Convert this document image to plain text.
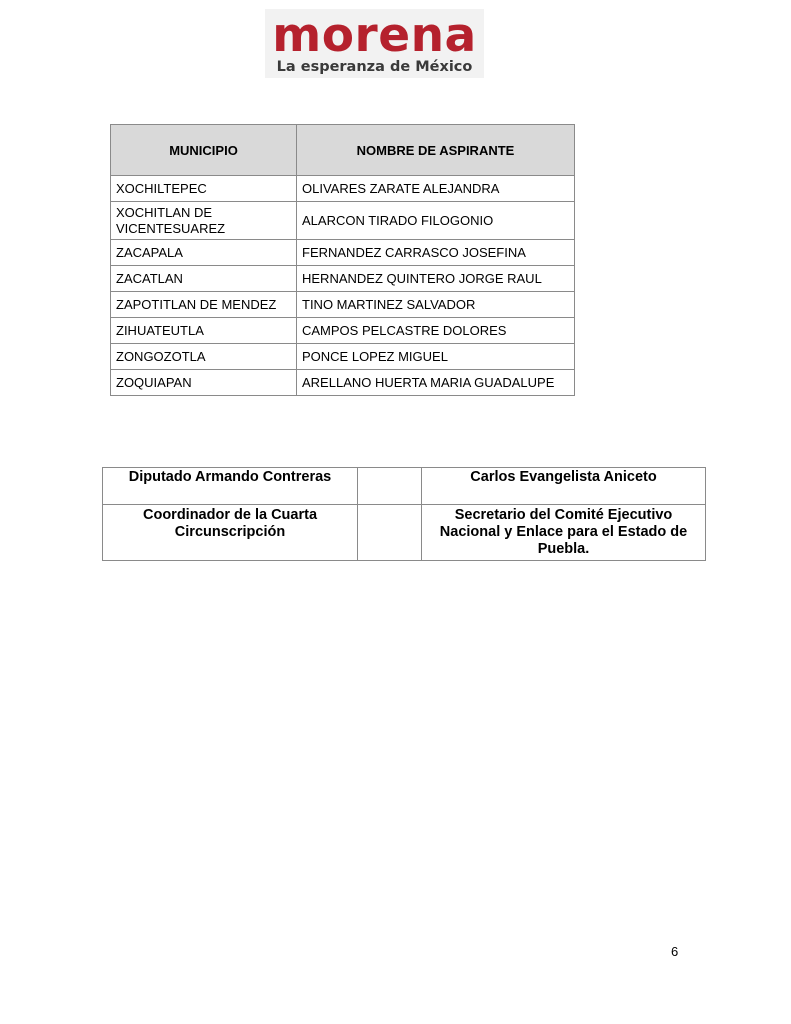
morena
La esperanza de México
MUNICIPIO	NOMBRE DE ASPIRANTE
XOCHILTEPEC	OLIVARES ZARATE ALEJANDRA
XOCHITLAN DE VICENTESUAREZ	ALARCON TIRADO FILOGONIO
ZACAPALA	FERNANDEZ CARRASCO JOSEFINA
ZACATLAN	HERNANDEZ QUINTERO JORGE RAUL
ZAPOTITLAN DE MENDEZ	TINO MARTINEZ SALVADOR
ZIHUATEUTLA	CAMPOS PELCASTRE DOLORES
ZONGOZOTLA	PONCE LOPEZ MIGUEL
ZOQUIAPAN	ARELLANO HUERTA MARIA GUADALUPE
Diputado Armando Contreras		Carlos Evangelista Aniceto
Coordinador de la Cuarta Circunscripción		Secretario del Comité Ejecutivo Nacional y Enlace para el Estado de Puebla.
6
